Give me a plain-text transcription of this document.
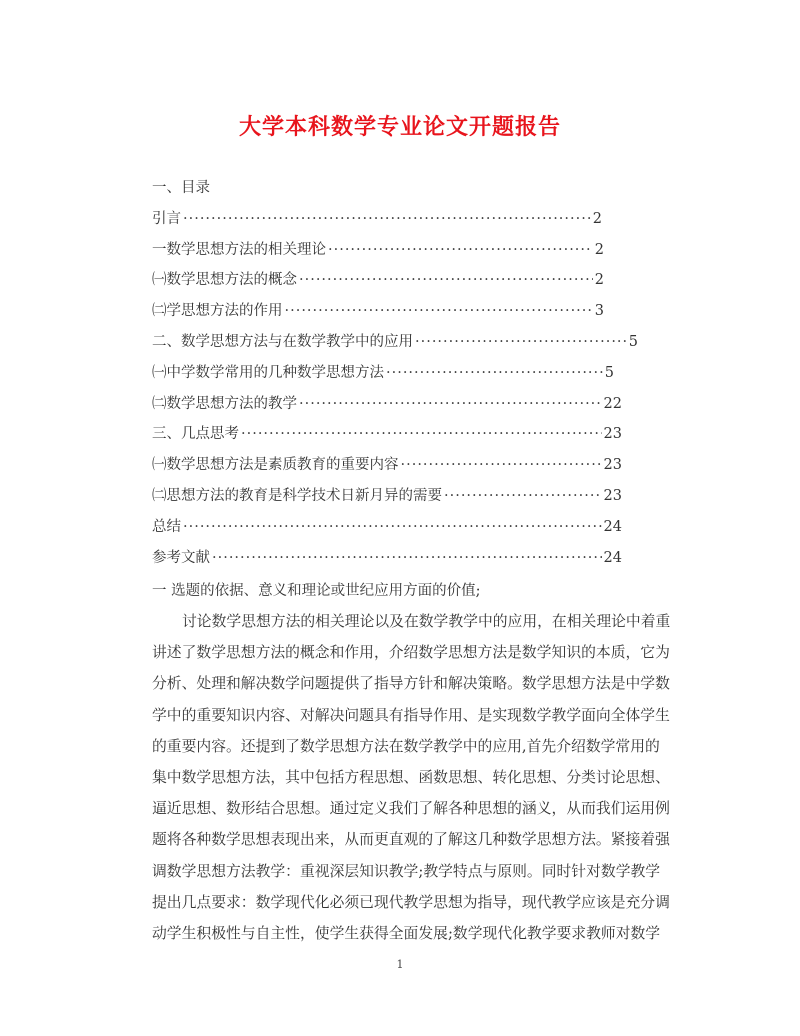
大学本科数学专业论文开题报告
一、目录
引言 ·····	2
一数学思想方法的相关理论 ·····	2
㈠数学思想方法的概念 ·····	2
㈡学思想方法的作用 ·····	3
二、数学思想方法与在数学教学中的应用 ·····	5
㈠中学数学常用的几种数学思想方法 ·····	5
㈡数学思想方法的教学 ·····	22
三、几点思考 ·····	23
㈠数学思想方法是素质教育的重要内容 ·····	23
㈡思想方法的教育是科学技术日新月异的需要 ·····	23
总结 ·····	24
参考文献 ·····	24
一 选题的依据、意义和理论或世纪应用方面的价值;
讨论数学思想方法的相关理论以及在数学教学中的应用，在相关理论中着重
讲述了数学思想方法的概念和作用，介绍数学思想方法是数学知识的本质，它为
分析、处理和解决数学问题提供了指导方针和解决策略。数学思想方法是中学数
学中的重要知识内容、对解决问题具有指导作用、是实现数学教学面向全体学生
的重要内容。还提到了数学思想方法在数学教学中的应用,首先介绍数学常用的
集中数学思想方法，其中包括方程思想、函数思想、转化思想、分类讨论思想、
逼近思想、数形结合思想。通过定义我们了解各种思想的涵义，从而我们运用例
题将各种数学思想表现出来，从而更直观的了解这几种数学思想方法。紧接着强
调数学思想方法教学：重视深层知识教学;教学特点与原则。同时针对数学教学
提出几点要求：数学现代化必须已现代教学思想为指导，现代教学应该是充分调
动学生积极性与自主性，使学生获得全面发展;数学现代化教学要求教师对数学
1
